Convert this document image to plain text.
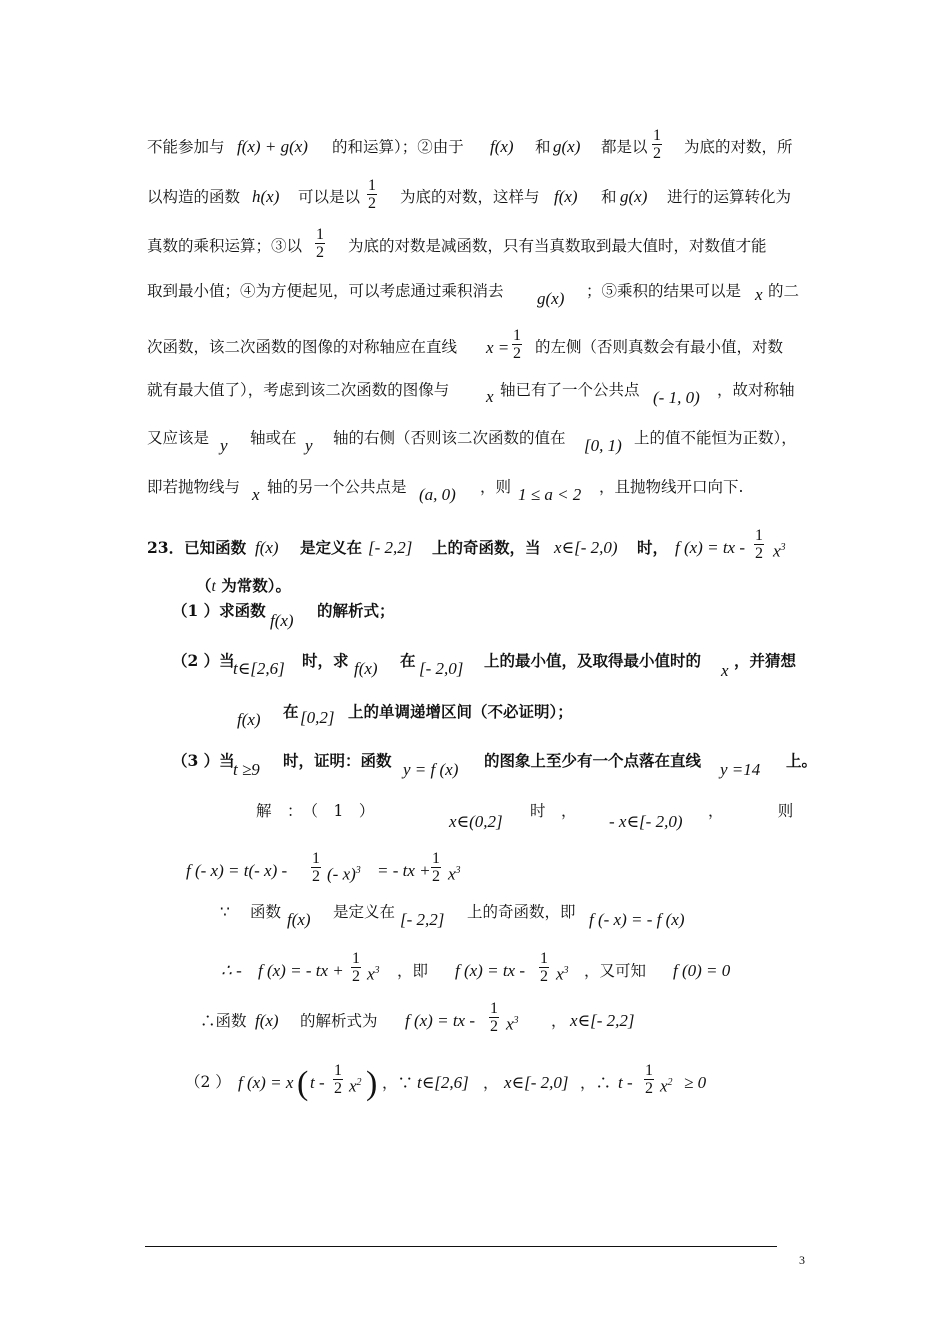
不能参加与 f(x) + g(x) 的和运算）；②由于 f(x) 和 g(x) 都是以 $\frac{1}{2}$ 为底的对数，所
以构造的函数 h(x) 可以是以 $\frac{1}{2}$ 为底的对数，这样与 f(x) 和 g(x) 进行的运算转化为
真数的乘积运算；③以 $\frac{1}{2}$ 为底的对数是减函数，只有当真数取到最大值时，对数值才能
取到最小值；④为方便起见，可以考虑通过乘积消去 g(x) ；⑤乘积的结果可以是 x 的二
次函数，该二次函数的图像的对称轴应在直线 $x = \frac{1}{2}$ 的左侧（否则真数会有最小值，对数
就有最大值了），考虑到该二次函数的图像与 x 轴已有了一个公共点 (- 1, 0) ，故对称轴
又应该是 y 轴或在 y 轴的右侧（否则该二次函数的值在 [0, 1) 上的值不能恒为正数），
即若抛物线与 x 轴的另一个公共点是 (a, 0) ，则 1 ≤ a < 2 ，且抛物线开口向下.
23．已知函数 f(x) 是定义在 [- 2,2] 上的奇函数，当 x∈[- 2,0) 时， f (x) = tx - $\frac{1}{2} x^3$
（t 为常数）。
（1 ）求函数
f(x)
的解析式；
（2 ）当
t∈[2,6] 时，求 f(x) 在 [- 2,0] 上的最小值，及取得最小值时的
x
，并猜想
f(x) 在 [0,2] 上的单调递增区间（不必证明）；
（3 ）当
t ≥9 时，证明：函数 y = f (x) 的图象上至少有一个点落在直线 y =14 上。
解　：　（　1　）
x∈(0,2]
时　，
- x∈[- 2,0)
，　　　　则
f (- x) = t(- $x) - \frac{1}{2}$ (- x)$^3$ = - tx + $\frac{1}{2} x^3$
∵ 函数 f(x) 是定义在 [- 2,2] 上的奇函数，即 f (- x) = - f (x)
∴ - f (x) = - tx + $\frac{1}{2} x^3$ ，即 f (x) = tx - $\frac{1}{2} x^3$ ，又可知 f (0) = 0
∴函数 f(x) 的解析式为 f (x) = tx - $\frac{1}{2} x^3$ ， x∈[- 2,2]
（2 ） f (x) = x ( t - $\frac{1}{2} x^2$ ) ，∵ t∈[2,6] ， x∈[- 2,0] ，∴ $t - \frac{1}{2} x^2 \ge 0$
3
